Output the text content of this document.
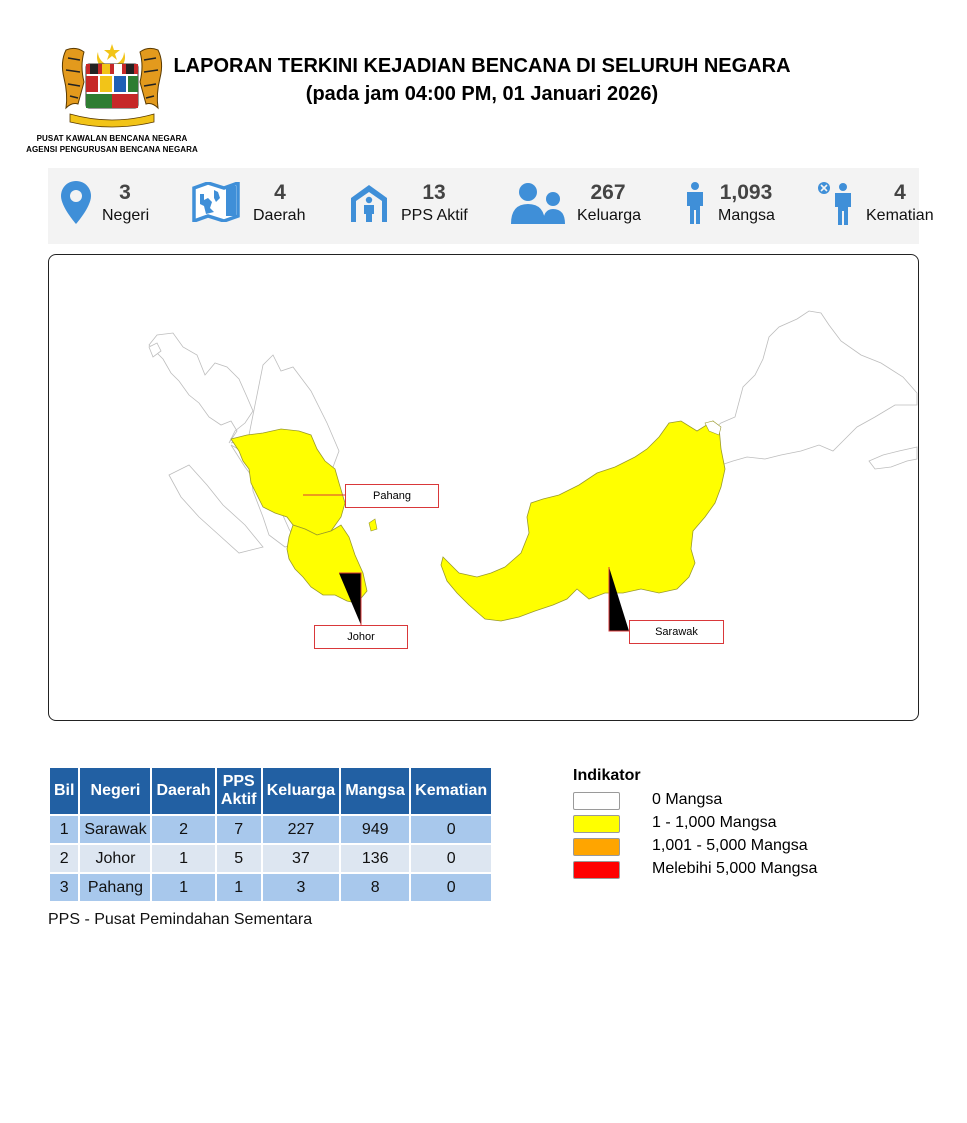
PUSAT KAWALAN BENCANA NEGARA
AGENSI PENGURUSAN BENCANA NEGARA
LAPORAN TERKINI KEJADIAN BENCANA DI SELURUH NEGARA
(pada jam 04:00 PM, 01 Januari 2026)
3
Negeri
4
Daerah
13
PPS Aktif
267
Keluarga
1,093
Mangsa
4
Kematian
Pahang
Johor	Sarawak
Bil	Negeri	Daerah	PPS Aktif	Keluarga	Mangsa	Kematian
1	Sarawak	2	7	227	949	0
2	Johor	1	5	37	136	0
3	Pahang	1	1	3	8	0
PPS - Pusat Pemindahan Sementara
Indikator
0 Mangsa
1 - 1,000 Mangsa
1,001 - 5,000 Mangsa
Melebihi 5,000 Mangsa
